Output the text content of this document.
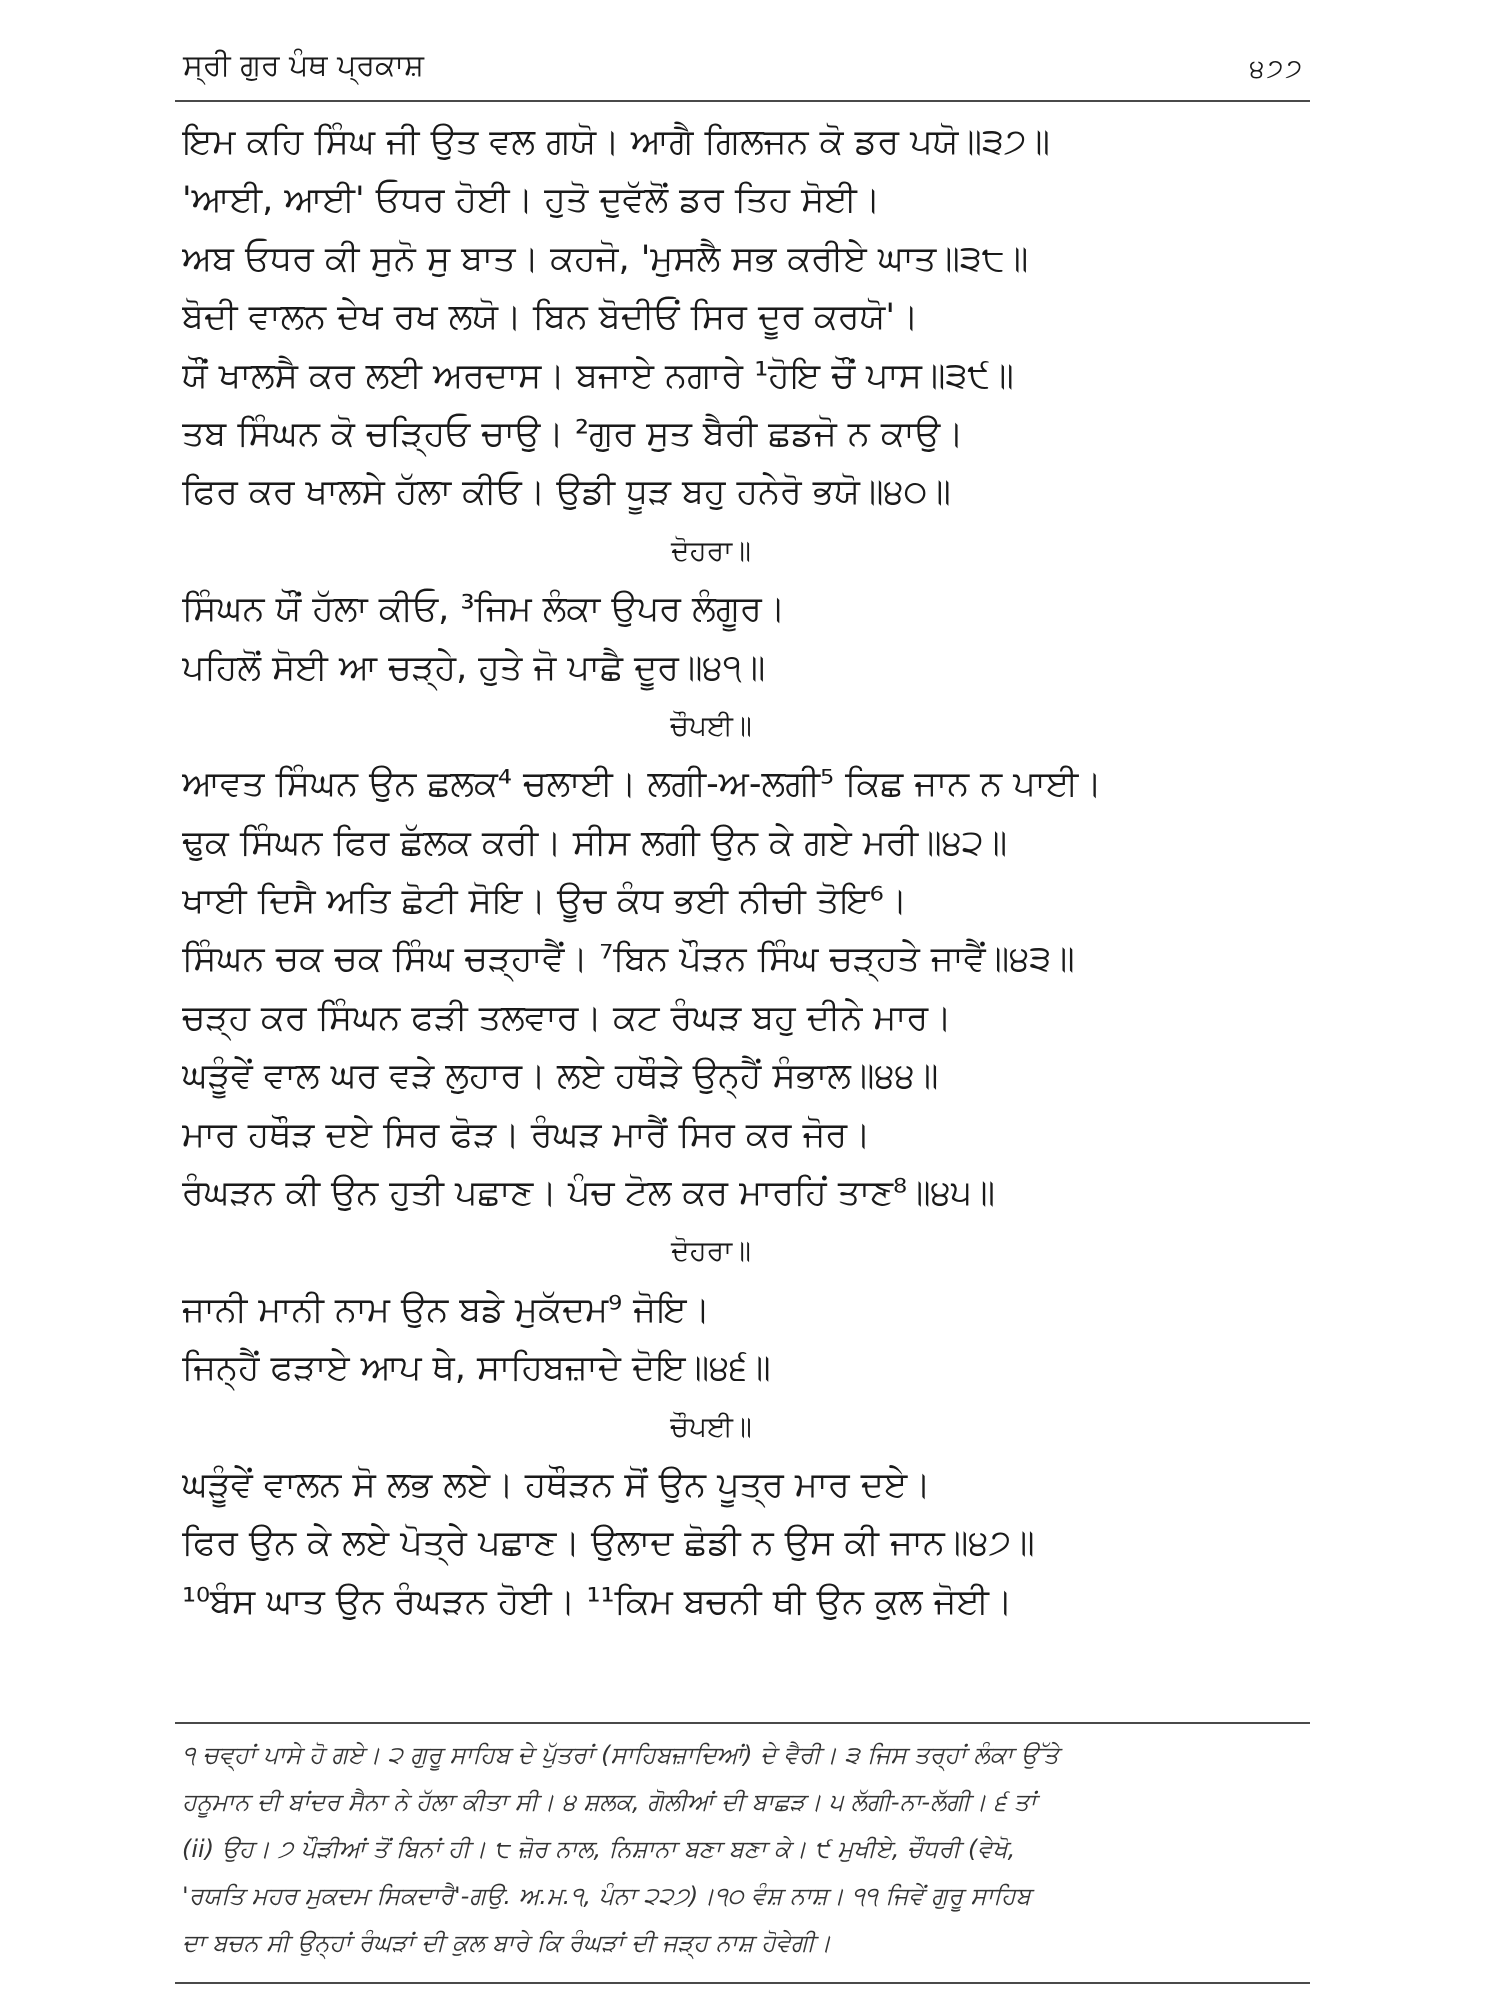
ਸ੍ਰੀ ਗੁਰ ਪੰਥ ਪ੍ਰਕਾਸ਼	੪੭੭
ਇਮ ਕਹਿ ਸਿੰਘ ਜੀ ਉਤ ਵਲ ਗਯੋ। ਆਗੈ ਗਿਲਜਨ ਕੋ ਡਰ ਪਯੋ॥੩੭॥
'ਆਈ, ਆਈ' ਓਧਰ ਹੋਈ। ਹੁਤੋ ਦੁਵੱਲੋਂ ਡਰ ਤਿਹ ਸੋਈ।
ਅਬ ਓਧਰ ਕੀ ਸੁਨੋ ਸੁ ਬਾਤ। ਕਹਜੋ, 'ਮੁਸਲੈ ਸਭ ਕਰੀਏ ਘਾਤ॥੩੮॥
ਬੋਦੀ ਵਾਲਨ ਦੇਖ ਰਖ ਲਯੋ। ਬਿਨ ਬੋਦੀਓਂ ਸਿਰ ਦੂਰ ਕਰਯੋ'।
ਯੌਂ ਖਾਲਸੈ ਕਰ ਲਈ ਅਰਦਾਸ। ਬਜਾਏ ਨਗਾਰੇ ¹ਹੋਇ ਚੌਂ ਪਾਸ॥੩੯॥
ਤਬ ਸਿੰਘਨ ਕੋ ਚੜ੍ਹਿਓ ਚਾਉ। ²ਗੁਰ ਸੁਤ ਬੈਰੀ ਛਡਜੋ ਨ ਕਾਉ।
ਫਿਰ ਕਰ ਖਾਲਸੇ ਹੱਲਾ ਕੀਓ। ਉਡੀ ਧੂੜ ਬਹੁ ਹਨੇਰੋ ਭਯੋ॥੪੦॥
ਦੋਹਰਾ॥
ਸਿੰਘਨ ਯੌਂ ਹੱਲਾ ਕੀਓ, ³ਜਿਮ ਲੰਕਾ ਉਪਰ ਲੰਗੂਰ।
ਪਹਿਲੋਂ ਸੋਈ ਆ ਚੜ੍ਹੇ, ਹੁਤੇ ਜੋ ਪਾਛੈ ਦੂਰ॥੪੧॥
ਚੌਪਈ॥
ਆਵਤ ਸਿੰਘਨ ਉਨ ਛਲਕ⁴ ਚਲਾਈ। ਲਗੀ-ਅ-ਲਗੀ⁵ ਕਿਛ ਜਾਨ ਨ ਪਾਈ।
ਢੁਕ ਸਿੰਘਨ ਫਿਰ ਛੱਲਕ ਕਰੀ। ਸੀਸ ਲਗੀ ਉਨ ਕੇ ਗਏ ਮਰੀ॥੪੨॥
ਖਾਈ ਦਿਸੈ ਅਤਿ ਛੋਟੀ ਸੋਇ। ਊਚ ਕੰਧ ਭਈ ਨੀਚੀ ਤੋਇ⁶।
ਸਿੰਘਨ ਚਕ ਚਕ ਸਿੰਘ ਚੜ੍ਹਾਵੈਂ। ⁷ਬਿਨ ਪੌੜਨ ਸਿੰਘ ਚੜ੍ਹਤੇ ਜਾਵੈਂ॥੪੩॥
ਚੜ੍ਹ ਕਰ ਸਿੰਘਨ ਫੜੀ ਤਲਵਾਰ। ਕਟ ਰੰਘੜ ਬਹੁ ਦੀਨੇ ਮਾਰ।
ਘੜੂੰਵੇਂ ਵਾਲ ਘਰ ਵੜੇ ਲੁਹਾਰ। ਲਏ ਹਥੌੜੇ ਉਨ੍ਹੈਂ ਸੰਭਾਲ॥੪੪॥
ਮਾਰ ਹਥੌੜ ਦਏ ਸਿਰ ਫੋੜ। ਰੰਘੜ ਮਾਰੈਂ ਸਿਰ ਕਰ ਜੋਰ।
ਰੰਘੜਨ ਕੀ ਉਨ ਹੁਤੀ ਪਛਾਣ। ਪੰਚ ਟੋਲ ਕਰ ਮਾਰਹਿਂ ਤਾਣ⁸॥੪੫॥
ਦੋਹਰਾ॥
ਜਾਨੀ ਮਾਨੀ ਨਾਮ ਉਨ ਬਡੇ ਮੁਕੱਦਮ⁹ ਜੋਇ।
ਜਿਨ੍ਹੈਂ ਫੜਾਏ ਆਪ ਥੇ, ਸਾਹਿਬਜ਼ਾਦੇ ਦੋਇ॥੪੬॥
ਚੌਪਈ॥
ਘੜੂੰਵੇਂ ਵਾਲਨ ਸੋ ਲਭ ਲਏ। ਹਥੌੜਨ ਸੋਂ ਉਨ ਪੂਤ੍ਰ ਮਾਰ ਦਏ।
ਫਿਰ ਉਨ ਕੇ ਲਏ ਪੋਤ੍ਰੇ ਪਛਾਣ। ਉਲਾਦ ਛੋਡੀ ਨ ਉਸ ਕੀ ਜਾਨ॥੪੭॥
¹⁰ਬੰਸ ਘਾਤ ਉਨ ਰੰਘੜਨ ਹੋਈ। ¹¹ਕਿਮ ਬਚਨੀ ਥੀ ਉਨ ਕੁਲ ਜੋਈ।
੧ ਚਵ੍ਹਾਂ ਪਾਸੇ ਹੋ ਗਏ। ੨ ਗੁਰੂ ਸਾਹਿਬ ਦੇ ਪੁੱਤਰਾਂ (ਸਾਹਿਬਜ਼ਾਦਿਆਂ) ਦੇ ਵੈਰੀ। ੩ ਜਿਸ ਤਰ੍ਹਾਂ ਲੰਕਾ ਉੱਤੇ
ਹਨੂਮਾਨ ਦੀ ਬਾਂਦਰ ਸੈਨਾ ਨੇ ਹੱਲਾ ਕੀਤਾ ਸੀ। ੪ ਸ਼ਲਕ, ਗੋਲੀਆਂ ਦੀ ਬਾਛੜ। ੫ ਲੱਗੀ-ਨਾ-ਲੱਗੀ। ੬ ਤਾਂ
(ii) ਉਹ। ੭ ਪੌੜੀਆਂ ਤੋਂ ਬਿਨਾਂ ਹੀ। ੮ ਜ਼ੋਰ ਨਾਲ, ਨਿਸ਼ਾਨਾ ਬਣਾ ਬਣਾ ਕੇ। ੯ ਮੁਖੀਏ, ਚੌਧਰੀ (ਵੇਖੋ,
'ਰਯਤਿ ਮਹਰ ਮੁਕਦਮ ਸਿਕਦਾਰੈ'-ਗਉ. ਅ.ਮ.੧, ਪੰਨਾ ੨੨੭)।੧੦ ਵੰਸ਼ ਨਾਸ਼। ੧੧ ਜਿਵੇਂ ਗੁਰੂ ਸਾਹਿਬ
ਦਾ ਬਚਨ ਸੀ ਉਨ੍ਹਾਂ ਰੰਘੜਾਂ ਦੀ ਕੁਲ ਬਾਰੇ ਕਿ ਰੰਘੜਾਂ ਦੀ ਜੜ੍ਹ ਨਾਸ਼ ਹੋਵੇਗੀ।
